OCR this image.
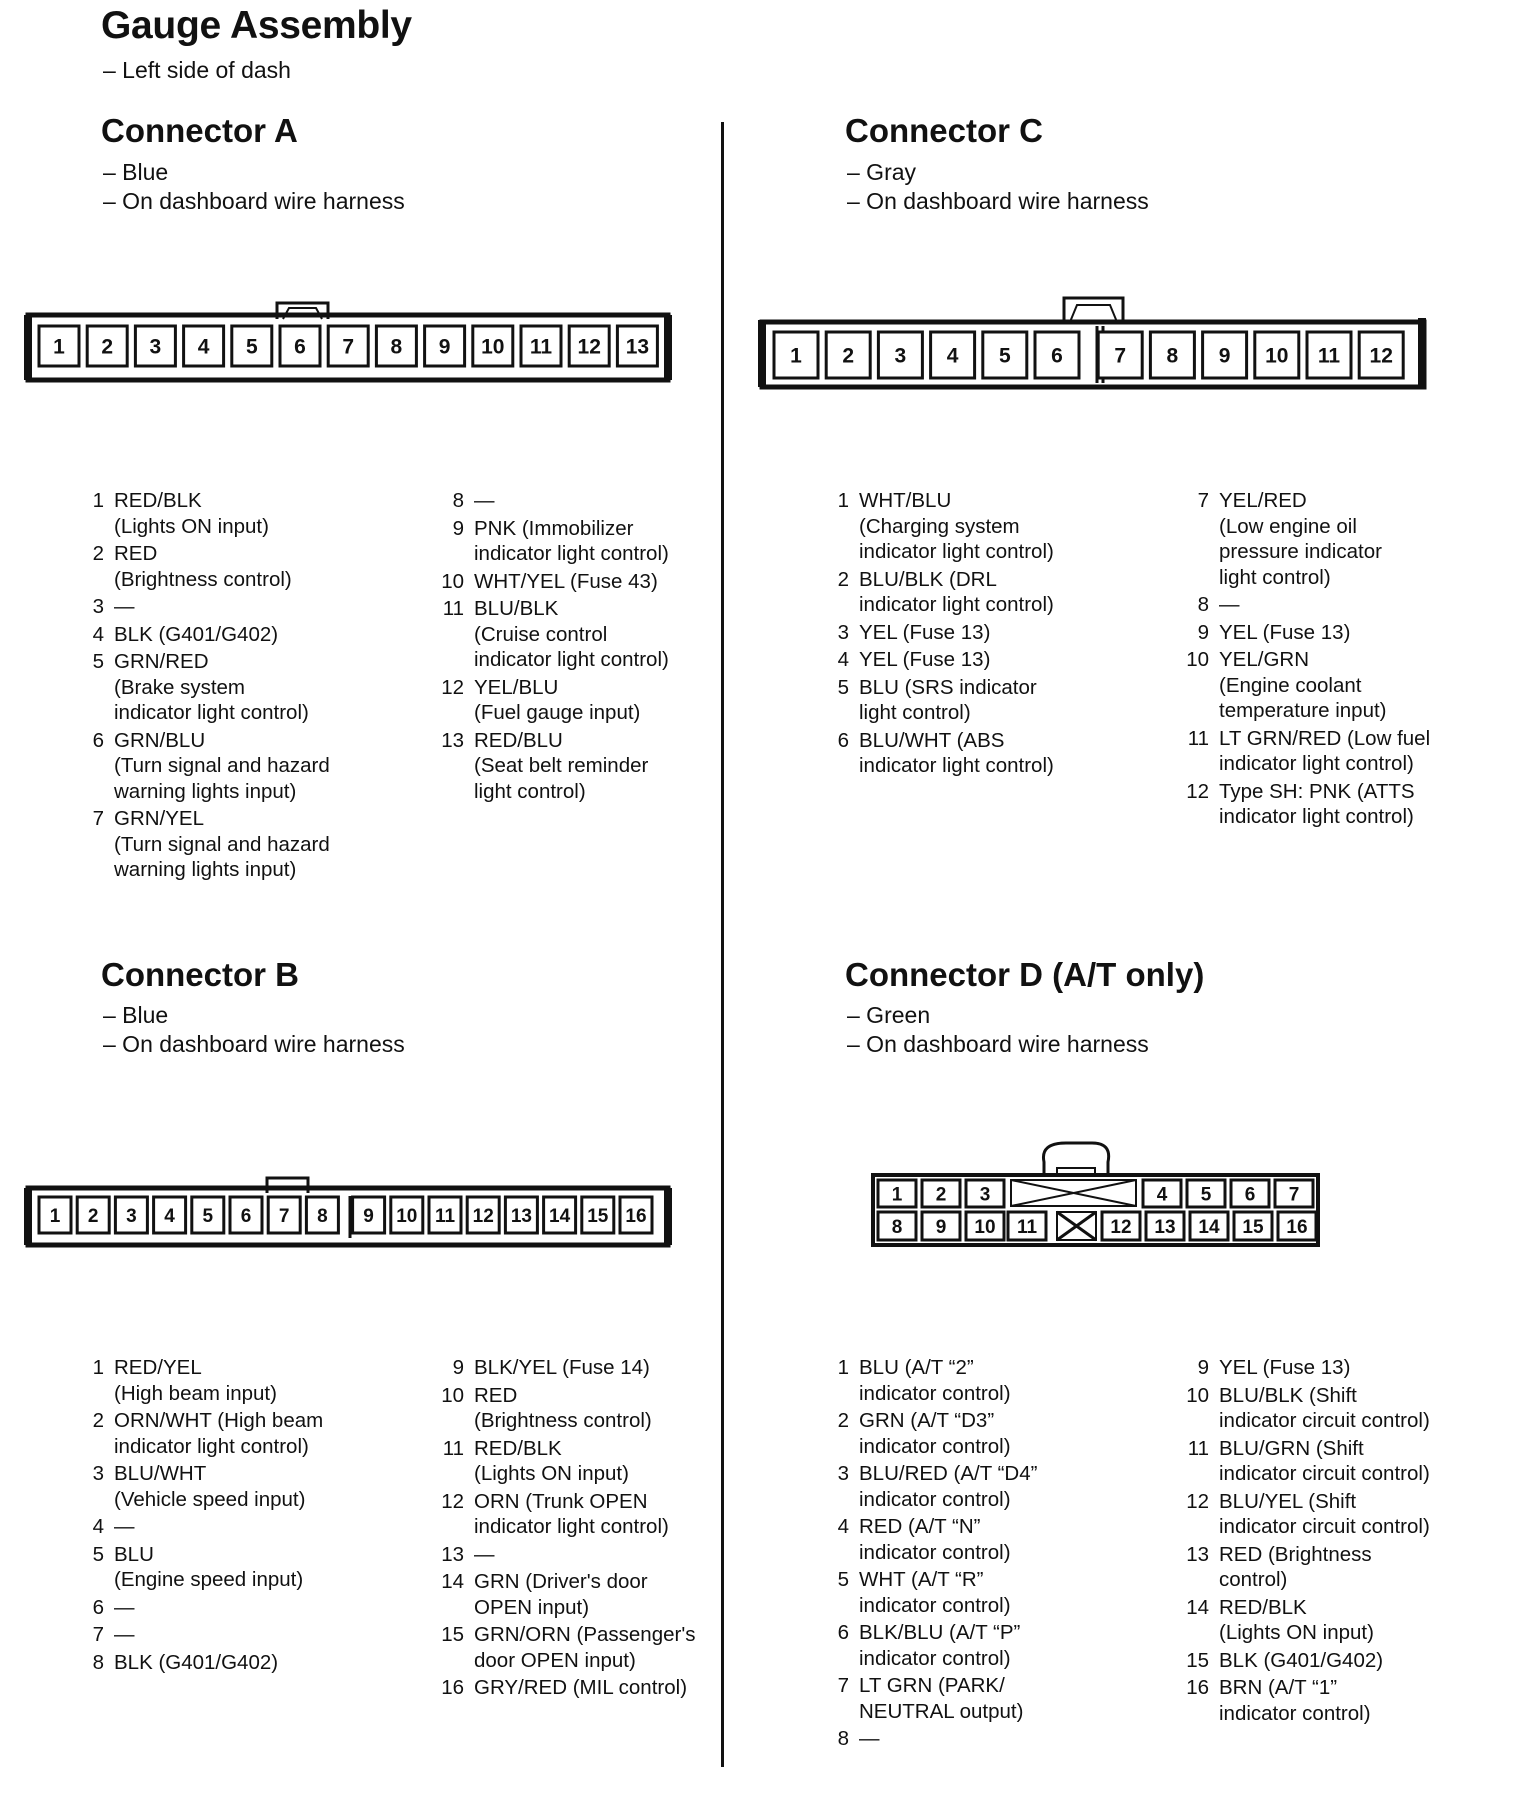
Gauge Assembly
– Left side of dash
Connector A
– Blue
– On dashboard wire harness
Connector C
– Gray
– On dashboard wire harness
Connector B
– Blue
– On dashboard wire harness
Connector D (A/T only)
– Green
– On dashboard wire harness
1 2 3 4 5 6 7 8 9 10 11 12 13
1 2 3 4 5 6 7 8 9 10 11 12 13 14 15 16
1 2 3 4 5 6 7 8 9 10 11 12
1 2 3	4 5 6 7
8 9 10 11	12 13 14 15 16
1 RED/BLK
(Lights ON input)
2 RED
(Brightness control)
3 —
4 BLK (G401/G402)
5 GRN/RED
(Brake system
indicator light control)
6 GRN/BLU
(Turn signal and hazard
warning lights input)
7 GRN/YEL
(Turn signal and hazard
warning lights input)
8 —
9 PNK (Immobilizer
indicator light control)
10 WHT/YEL (Fuse 43)
11 BLU/BLK
(Cruise control
indicator light control)
12 YEL/BLU
(Fuel gauge input)
13 RED/BLU
(Seat belt reminder
light control)
1 WHT/BLU
(Charging system
indicator light control)
2 BLU/BLK (DRL
indicator light control)
3 YEL (Fuse 13)
4 YEL (Fuse 13)
5 BLU (SRS indicator
light control)
6 BLU/WHT (ABS
indicator light control)
7 YEL/RED
(Low engine oil
pressure indicator
light control)
8 —
9 YEL (Fuse 13)
10 YEL/GRN
(Engine coolant
temperature input)
11 LT GRN/RED (Low fuel
indicator light control)
12 Type SH: PNK (ATTS
indicator light control)
1 RED/YEL
(High beam input)
2 ORN/WHT (High beam
indicator light control)
3 BLU/WHT
(Vehicle speed input)
4 —
5 BLU
(Engine speed input)
6 —
7 —
8 BLK (G401/G402)
9 BLK/YEL (Fuse 14)
10 RED
(Brightness control)
11 RED/BLK
(Lights ON input)
12 ORN (Trunk OPEN
indicator light control)
13 —
14 GRN (Driver's door
OPEN input)
15 GRN/ORN (Passenger's
door OPEN input)
16 GRY/RED (MIL control)
1 BLU (A/T “2”
indicator control)
2 GRN (A/T “D3”
indicator control)
3 BLU/RED (A/T “D4”
indicator control)
4 RED (A/T “N”
indicator control)
5 WHT (A/T “R”
indicator control)
6 BLK/BLU (A/T “P”
indicator control)
7 LT GRN (PARK/
NEUTRAL output)
8 —
9 YEL (Fuse 13)
10 BLU/BLK (Shift
indicator circuit control)
11 BLU/GRN (Shift
indicator circuit control)
12 BLU/YEL (Shift
indicator circuit control)
13 RED (Brightness
control)
14 RED/BLK
(Lights ON input)
15 BLK (G401/G402)
16 BRN (A/T “1”
indicator control)
